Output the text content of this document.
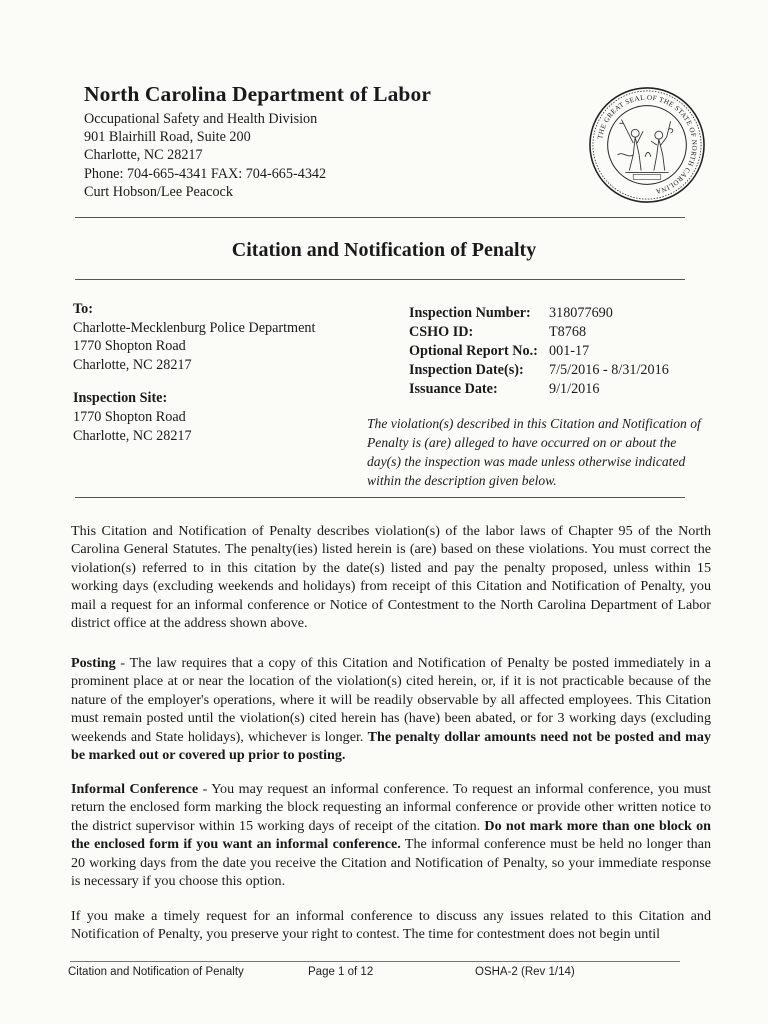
North Carolina Department of Labor
Occupational Safety and Health Division
901 Blairhill Road, Suite 200
Charlotte, NC 28217
Phone: 704-665-4341 FAX: 704-665-4342
Curt Hobson/Lee Peacock
THE GREAT SEAL OF THE STATE OF NORTH CAROLINA
Citation and Notification of Penalty
To:
Charlotte-Mecklenburg Police Department
1770 Shopton Road
Charlotte, NC 28217
Inspection Site:
1770 Shopton Road
Charlotte, NC 28217
Inspection Number:	318077690
CSHO ID:	T8768
Optional Report No.: 001-17
Inspection Date(s):	7/5/2016 - 8/31/2016
Issuance Date:	9/1/2016
The violation(s) described in this Citation and Notification of Penalty is (are) alleged to have occurred on or about the day(s) the inspection was made unless otherwise indicated within the description given below.
This Citation and Notification of Penalty describes violation(s) of the labor laws of Chapter 95 of the North Carolina General Statutes. The penalty(ies) listed herein is (are) based on these violations. You must correct the violation(s) referred to in this citation by the date(s) listed and pay the penalty proposed, unless within 15 working days (excluding weekends and holidays) from receipt of this Citation and Notification of Penalty, you mail a request for an informal conference or Notice of Contestment to the North Carolina Department of Labor district office at the address shown above.
Posting - The law requires that a copy of this Citation and Notification of Penalty be posted immediately in a prominent place at or near the location of the violation(s) cited herein, or, if it is not practicable because of the nature of the employer's operations, where it will be readily observable by all affected employees. This Citation must remain posted until the violation(s) cited herein has (have) been abated, or for 3 working days (excluding weekends and State holidays), whichever is longer. The penalty dollar amounts need not be posted and may be marked out or covered up prior to posting.
Informal Conference - You may request an informal conference. To request an informal conference, you must return the enclosed form marking the block requesting an informal conference or provide other written notice to the district supervisor within 15 working days of receipt of the citation. Do not mark more than one block on the enclosed form if you want an informal conference. The informal conference must be held no longer than 20 working days from the date you receive the Citation and Notification of Penalty, so your immediate response is necessary if you choose this option.
If you make a timely request for an informal conference to discuss any issues related to this Citation and Notification of Penalty, you preserve your right to contest. The time for contestment does not begin until
Citation and Notification of Penalty	Page 1 of 12	OSHA-2 (Rev 1/14)
